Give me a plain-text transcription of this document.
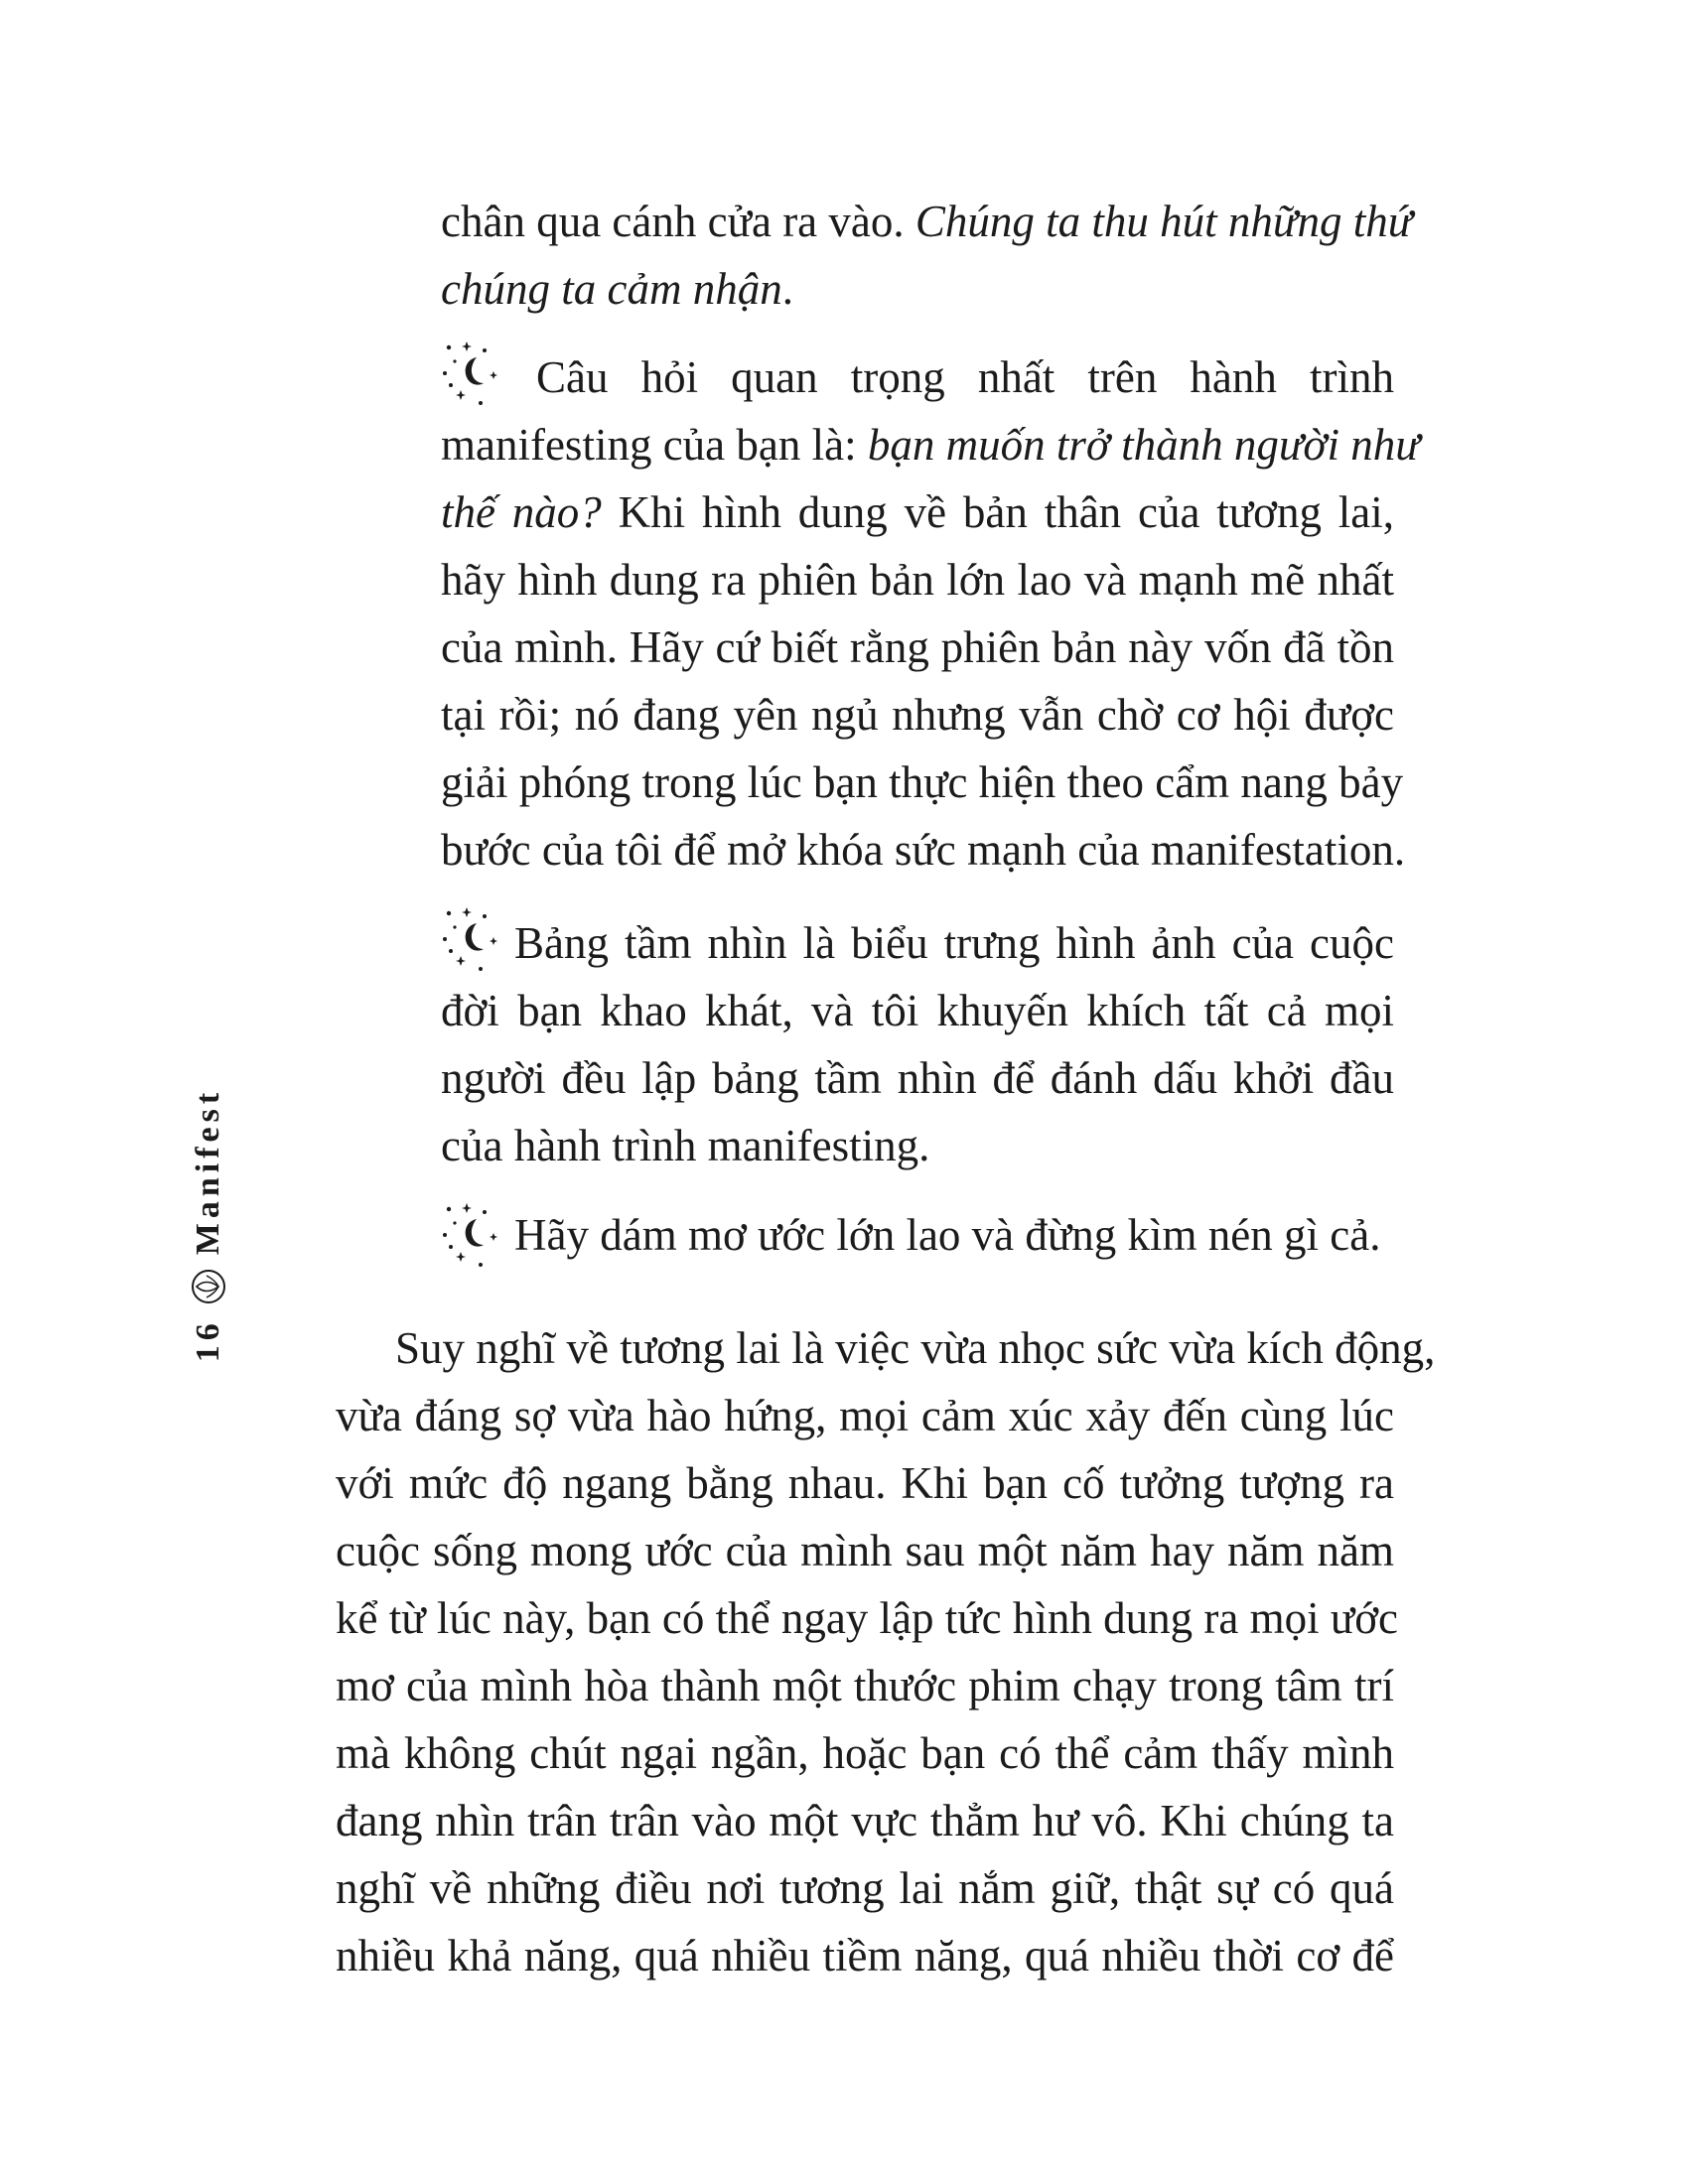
16
Manifest
chân qua cánh cửa ra vào. Chúng ta thu hút những thứ
chúng ta cảm nhận.
Câu hỏi quan trọng nhất trên hành trình
manifesting của bạn là: bạn muốn trở thành người như
thế nào? Khi hình dung về bản thân của tương lai,
hãy hình dung ra phiên bản lớn lao và mạnh mẽ nhất
của mình. Hãy cứ biết rằng phiên bản này vốn đã tồn
tại rồi; nó đang yên ngủ nhưng vẫn chờ cơ hội được
giải phóng trong lúc bạn thực hiện theo cẩm nang bảy
bước của tôi để mở khóa sức mạnh của manifestation.
Bảng tầm nhìn là biểu trưng hình ảnh của cuộc
đời bạn khao khát, và tôi khuyến khích tất cả mọi
người đều lập bảng tầm nhìn để đánh dấu khởi đầu
của hành trình manifesting.
Hãy dám mơ ước lớn lao và đừng kìm nén gì cả.
Suy nghĩ về tương lai là việc vừa nhọc sức vừa kích động,
vừa đáng sợ vừa hào hứng, mọi cảm xúc xảy đến cùng lúc
với mức độ ngang bằng nhau. Khi bạn cố tưởng tượng ra
cuộc sống mong ước của mình sau một năm hay năm năm
kể từ lúc này, bạn có thể ngay lập tức hình dung ra mọi ước
mơ của mình hòa thành một thước phim chạy trong tâm trí
mà không chút ngại ngần, hoặc bạn có thể cảm thấy mình
đang nhìn trân trân vào một vực thẳm hư vô. Khi chúng ta
nghĩ về những điều nơi tương lai nắm giữ, thật sự có quá
nhiều khả năng, quá nhiều tiềm năng, quá nhiều thời cơ để
